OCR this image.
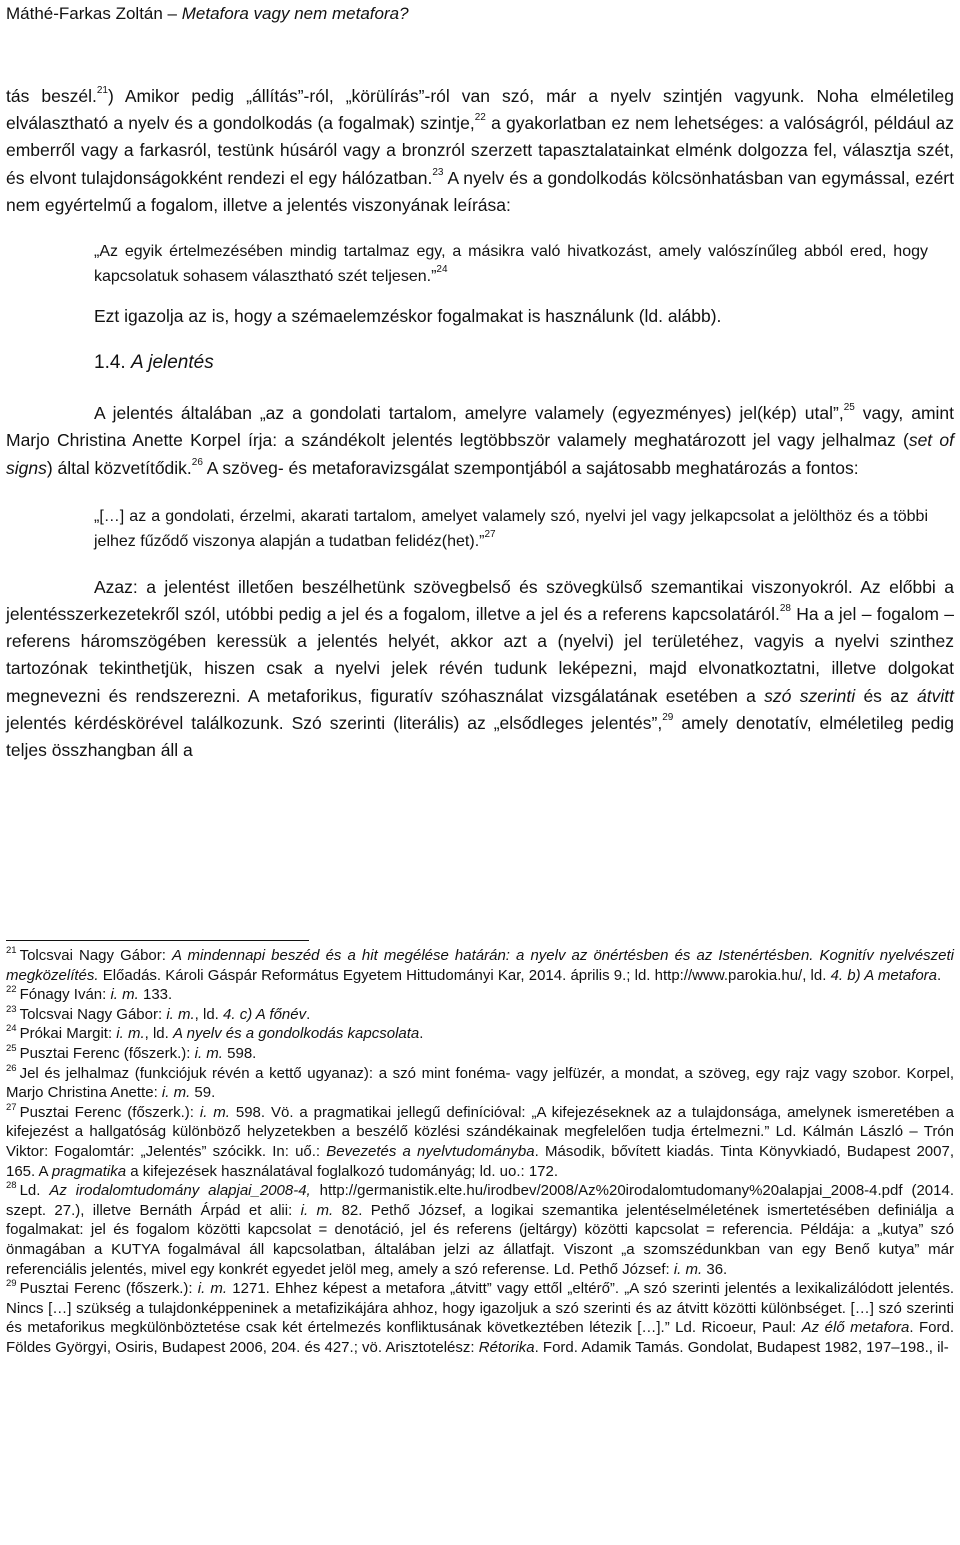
Máthé-Farkas Zoltán – Metafora vagy nem metafora?

tás beszél.$^{21}$) Amikor pedig „állítás”-ról, „körülírás”-ról van szó, már a nyelv szintjén vagyunk. Noha elméletileg elválasztható a nyelv és a gondolkodás (a fogalmak) szintje,$^{22}$ a gyakorlatban ez nem lehetséges: a valóságról, például az emberről vagy a farkasról, testünk húsáról vagy a bronzról szerzett tapasztalatainkat elménk dolgozza fel, választja szét, és elvont tulajdonságokként rendezi el egy hálózatban.$^{23}$ A nyelv és a gondolkodás kölcsönhatásban van egymással, ezért nem egyértelmű a fogalom, illetve a jelentés viszonyának leírása:

„Az egyik értelmezésében mindig tartalmaz egy, a másikra való hivatkozást, amely valószínűleg abból ered, hogy kapcsolatuk sohasem választható szét teljesen.”$^{24}$

Ezt igazolja az is, hogy a szémaelemzéskor fogalmakat is használunk (ld. alább).

1.4. A jelentés

A jelentés általában „az a gondolati tartalom, amelyre valamely (egyezményes) jel(kép) utal”,$^{25}$ vagy, amint Marjo Christina Anette Korpel írja: a szándékolt jelentés legtöbbször valamely meghatározott jel vagy jelhalmaz (set of signs) által közvetítődik.$^{26}$ A szöveg- és metaforavizsgálat szempontjából a sajátosabb meghatározás a fontos:

„[…] az a gondolati, érzelmi, akarati tartalom, amelyet valamely szó, nyelvi jel vagy jelkapcsolat a jelölthöz és a többi jelhez fűződő viszonya alapján a tudatban felidéz(het).”$^{27}$

Azaz: a jelentést illetően beszélhetünk szövegbelső és szövegkülső szemantikai viszonyokról. Az előbbi a jelentésszerkezetekről szól, utóbbi pedig a jel és a fogalom, illetve a jel és a referens kapcsolatáról.$^{28}$ Ha a jel – fogalom – referens háromszögében keressük a jelentés helyét, akkor azt a (nyelvi) jel területéhez, vagyis a nyelvi szinthez tartozónak tekinthetjük, hiszen csak a nyelvi jelek révén tudunk leképezni, majd elvonatkoztatni, illetve dolgokat megnevezni és rendszerezni. A metaforikus, figuratív szóhasználat vizsgálatának esetében a szó szerinti és az átvitt jelentés kérdéskörével találkozunk. Szó szerinti (literális) az „elsődleges jelentés”,$^{29}$ amely denotatív, elméletileg pedig teljes összhangban áll a

$^{21}$ Tolcsvai Nagy Gábor: A mindennapi beszéd és a hit megélése határán: a nyelv az önértésben és az Istenértésben. Kognitív nyelvészeti megközelítés. Előadás. Károli Gáspár Református Egyetem Hittudományi Kar, 2014. április 9.; ld. http://www.parokia.hu/, ld. 4. b) A metafora.

$^{22}$ Fónagy Iván: i. m. 133.

$^{23}$ Tolcsvai Nagy Gábor: i. m., ld. 4. c) A főnév.

$^{24}$ Prókai Margit: i. m., ld. A nyelv és a gondolkodás kapcsolata.

$^{25}$ Pusztai Ferenc (főszerk.): i. m. 598.

$^{26}$ Jel és jelhalmaz (funkciójuk révén a kettő ugyanaz): a szó mint fonéma- vagy jelfüzér, a mondat, a szöveg, egy rajz vagy szobor. Korpel, Marjo Christina Anette: i. m. 59.

$^{27}$ Pusztai Ferenc (főszerk.): i. m. 598. Vö. a pragmatikai jellegű definícióval: „A kifejezéseknek az a tulajdonsága, amelynek ismeretében a kifejezést a hallgatóság különböző helyzetekben a beszélő közlési szándékainak megfelelően tudja értelmezni.” Ld. Kálmán László – Trón Viktor: Fogalomtár: „Jelentés” szócikk. In: uő.: Bevezetés a nyelvtudományba. Második, bővített kiadás. Tinta Könyvkiadó, Budapest 2007, 165. A pragmatika a kifejezések használatával foglalkozó tudományág; ld. uo.: 172.

$^{28}$ Ld. Az irodalomtudomány alapjai_2008-4, http://germanistik.elte.hu/irodbev/2008/Az%20irodalomtudomany%20alapjai_2008-4.pdf (2014. szept. 27.), illetve Bernáth Árpád et alii: i. m. 82. Pethő József, a logikai szemantika jelentéselméletének ismertetésében definiálja a fogalmakat: jel és fogalom közötti kapcsolat = denotáció, jel és referens (jeltárgy) közötti kapcsolat = referencia. Példája: a „kutya” szó önmagában a KUTYA fogalmával áll kapcsolatban, általában jelzi az állatfajt. Viszont „a szomszédunkban van egy Benő kutya” már referenciális jelentés, mivel egy konkrét egyedet jelöl meg, amely a szó referense. Ld. Pethő József: i. m. 36.

$^{29}$ Pusztai Ferenc (főszerk.): i. m. 1271. Ehhez képest a metafora „átvitt” vagy ettől „eltérő”. „A szó szerinti jelentés a lexikalizálódott jelentés. Nincs […] szükség a tulajdonképpeninek a metafizikájára ahhoz, hogy igazoljuk a szó szerinti és az átvitt közötti különbséget. […] szó szerinti és metaforikus megkülönböztetése csak két értelmezés konfliktusának következtében létezik […].” Ld. Ricoeur, Paul: Az élő metafora. Ford. Földes Györgyi, Osiris, Budapest 2006, 204. és 427.; vö. Arisztotelész: Rétorika. Ford. Adamik Tamás. Gondolat, Budapest 1982, 197–198., il-
